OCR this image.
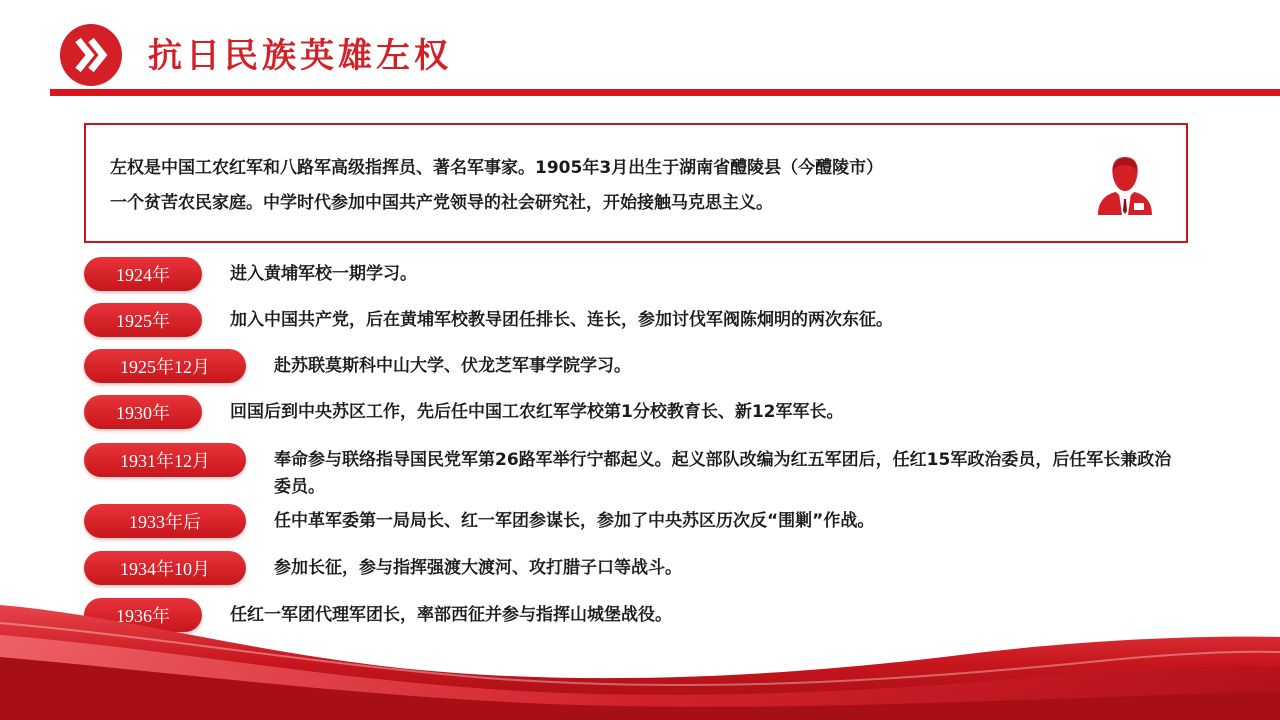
抗日民族英雄左权
左权是中国工农红军和八路军高级指挥员、著名军事家。1905年3月出生于湖南省醴陵县（今醴陵市）
一个贫苦农民家庭。中学时代参加中国共产党领导的社会研究社，开始接触马克思主义。
1924年	进入黄埔军校一期学习。
1925年	加入中国共产党，后在黄埔军校教导团任排长、连长，参加讨伐军阀陈炯明的两次东征。
1925年12月	赴苏联莫斯科中山大学、伏龙芝军事学院学习。
1930年	回国后到中央苏区工作，先后任中国工农红军学校第1分校教育长、新12军军长。
1931年12月	奉命参与联络指导国民党军第26路军举行宁都起义。起义部队改编为红五军团后，任红15军政治委员，后任军长兼政治委员。
1933年后	任中革军委第一局局长、红一军团参谋长，参加了中央苏区历次反“围剿”作战。
1934年10月	参加长征，参与指挥强渡大渡河、攻打腊子口等战斗。
1936年	任红一军团代理军团长，率部西征并参与指挥山城堡战役。
